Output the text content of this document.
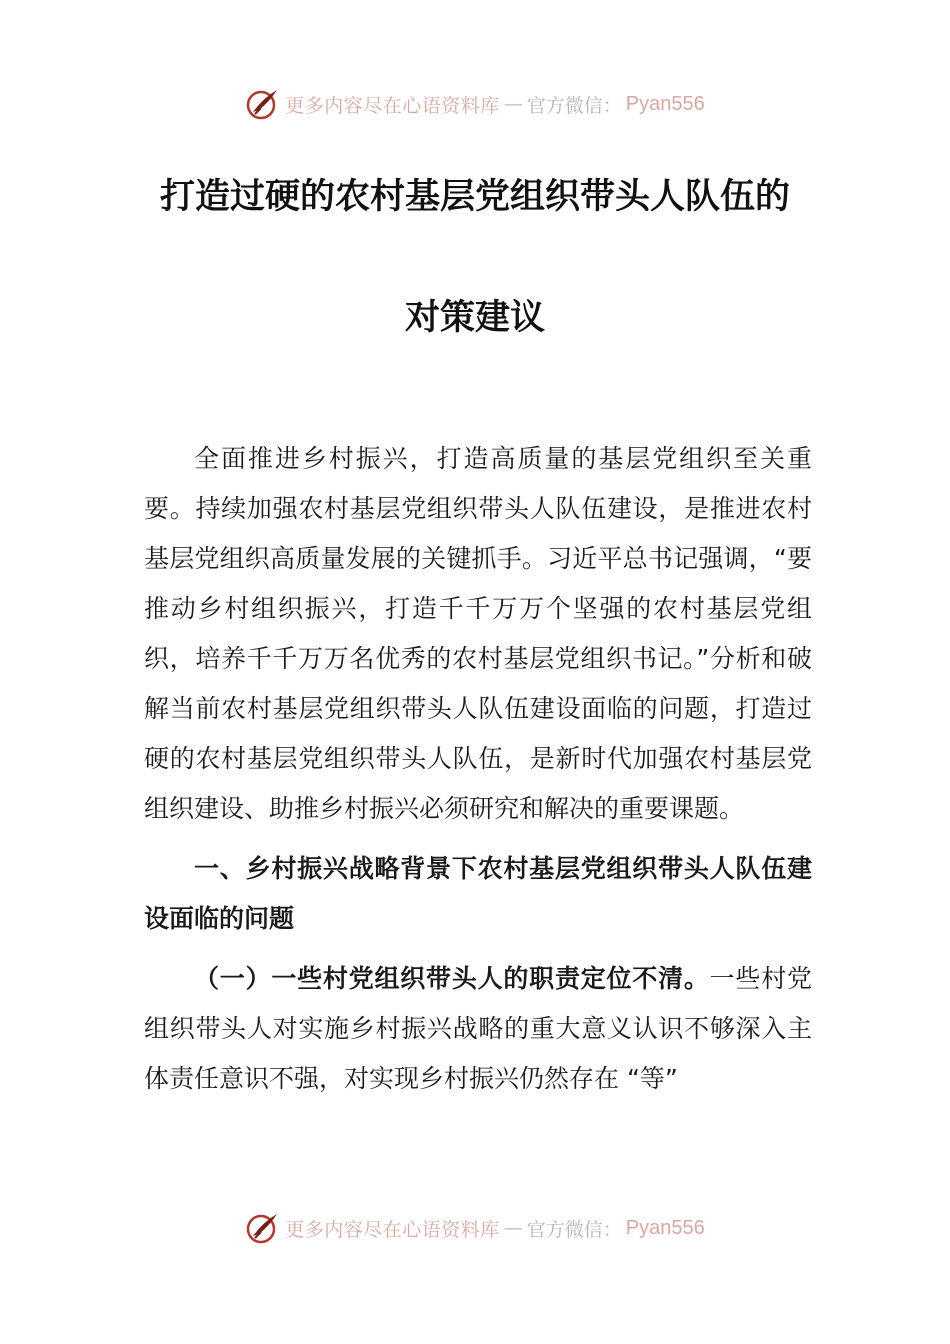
更多内容尽在心语资料库 — 官方微信： Pyan556
打造过硬的农村基层党组织带头人队伍的
对策建议

全面推进乡村振兴，打造高质量的基层党组织至关重要。持续加强农村基层党组织带头人队伍建设，是推进农村基层党组织高质量发展的关键抓手。习近平总书记强调，“要推动乡村组织振兴，打造千千万万个坚强的农村基层党组织，培养千千万万名优秀的农村基层党组织书记。”分析和破解当前农村基层党组织带头人队伍建设面临的问题，打造过硬的农村基层党组织带头人队伍，是新时代加强农村基层党组织建设、助推乡村振兴必须研究和解决的重要课题。

一、乡村振兴战略背景下农村基层党组织带头人队伍建设面临的问题

（一）一些村党组织带头人的职责定位不清。一些村党组织带头人对实施乡村振兴战略的重大意义认识不够深入主体责任意识不强，对实现乡村振兴仍然存在 “等”

更多内容尽在心语资料库 — 官方微信： Pyan556
